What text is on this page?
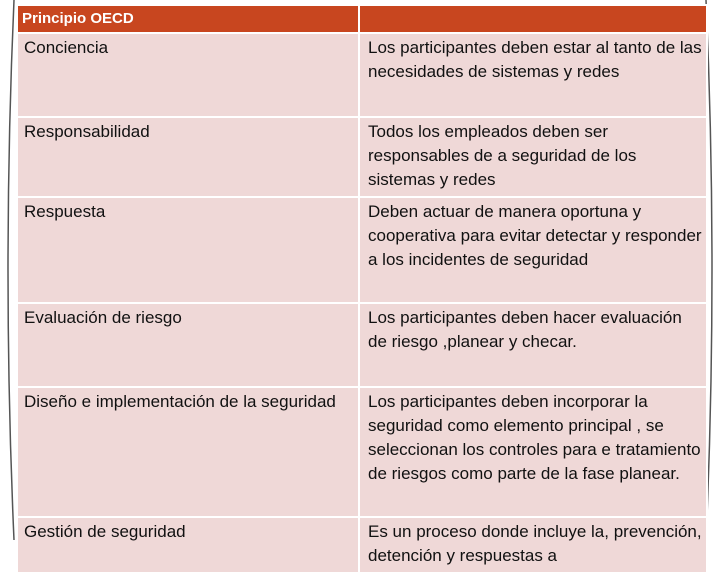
Principio OECD	
Conciencia	Los participantes deben estar al tanto de las necesidades de sistemas y redes
Responsabilidad	Todos los empleados deben ser responsables de a seguridad de los sistemas y redes
Respuesta	Deben actuar de manera oportuna y cooperativa para evitar detectar y responder a los incidentes de seguridad
Evaluación de riesgo	Los participantes deben hacer evaluación de riesgo ,planear y checar.
Diseño e implementación de la seguridad	Los participantes deben incorporar la seguridad como elemento principal , se seleccionan los controles para e tratamiento de riesgos como parte de la fase planear.
Gestión de seguridad	Es un proceso donde incluye la, prevención, detención y respuestas a
